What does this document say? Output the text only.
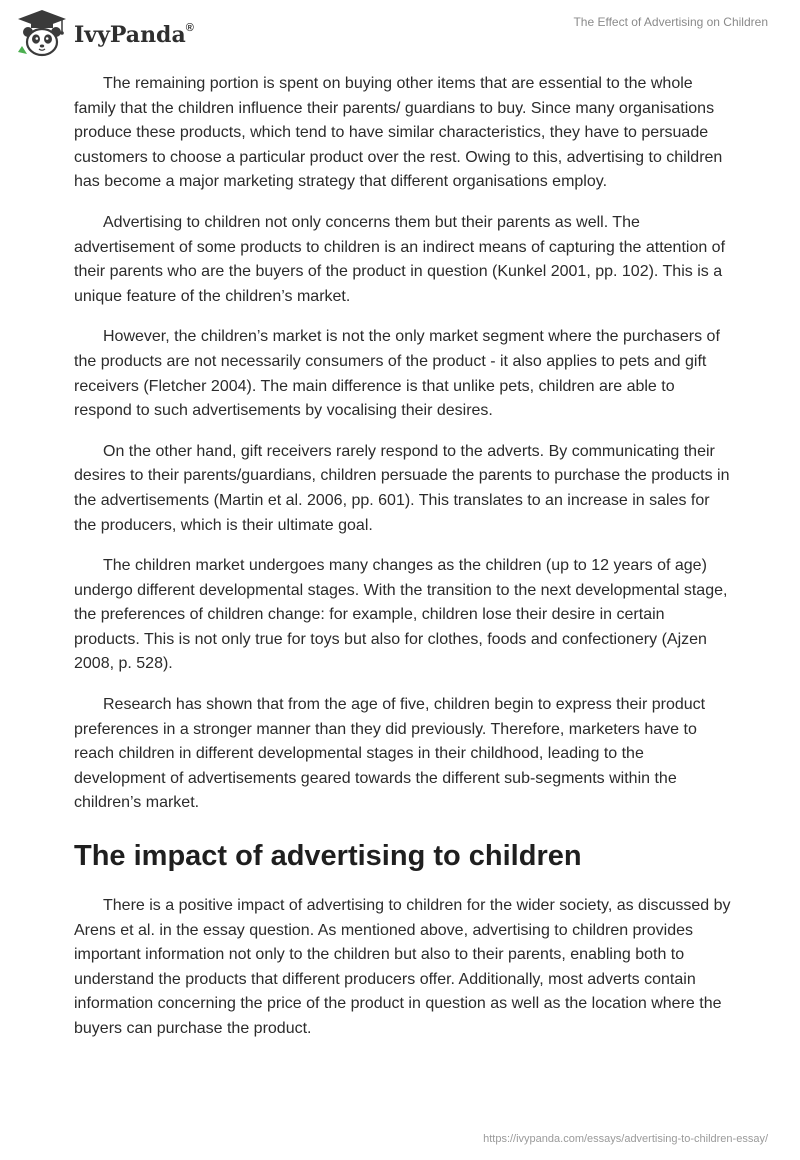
IvyPanda®	The Effect of Advertising on Children

The remaining portion is spent on buying other items that are essential to the whole family that the children influence their parents/ guardians to buy. Since many organisations produce these products, which tend to have similar characteristics, they have to persuade customers to choose a particular product over the rest. Owing to this, advertising to children has become a major marketing strategy that different organisations employ.

Advertising to children not only concerns them but their parents as well. The advertisement of some products to children is an indirect means of capturing the attention of their parents who are the buyers of the product in question (Kunkel 2001, pp. 102). This is a unique feature of the children’s market.

However, the children’s market is not the only market segment where the purchasers of the products are not necessarily consumers of the product - it also applies to pets and gift receivers (Fletcher 2004). The main difference is that unlike pets, children are able to respond to such advertisements by vocalising their desires.

On the other hand, gift receivers rarely respond to the adverts. By communicating their desires to their parents/guardians, children persuade the parents to purchase the products in the advertisements (Martin et al. 2006, pp. 601). This translates to an increase in sales for the producers, which is their ultimate goal.

The children market undergoes many changes as the children (up to 12 years of age) undergo different developmental stages. With the transition to the next developmental stage, the preferences of children change: for example, children lose their desire in certain products. This is not only true for toys but also for clothes, foods and confectionery (Ajzen 2008, p. 528).

Research has shown that from the age of five, children begin to express their product preferences in a stronger manner than they did previously. Therefore, marketers have to reach children in different developmental stages in their childhood, leading to the development of advertisements geared towards the different sub-segments within the children’s market.

The impact of advertising to children

There is a positive impact of advertising to children for the wider society, as discussed by Arens et al. in the essay question. As mentioned above, advertising to children provides important information not only to the children but also to their parents, enabling both to understand the products that different producers offer. Additionally, most adverts contain information concerning the price of the product in question as well as the location where the buyers can purchase the product.

https://ivypanda.com/essays/advertising-to-children-essay/
